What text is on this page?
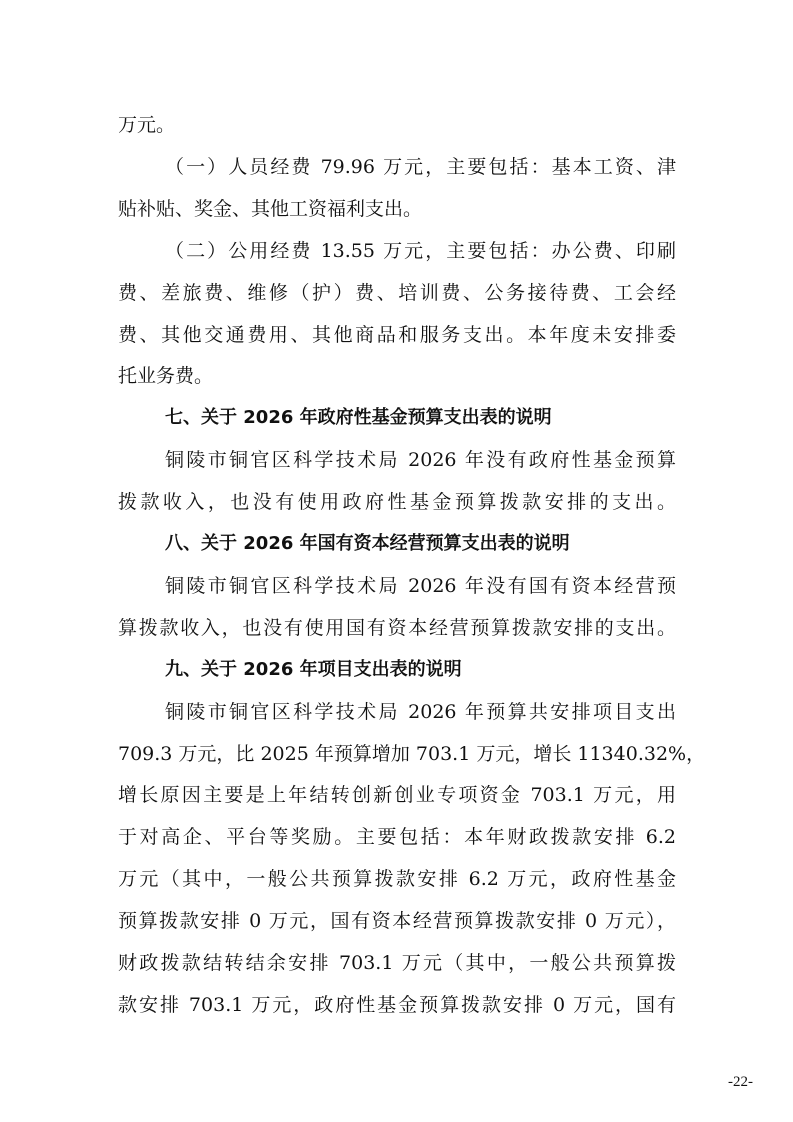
万元。
（一）人员经费 79.96 万元，主要包括：基本工资、津
贴补贴、奖金、其他工资福利支出。
（二）公用经费 13.55 万元，主要包括：办公费、印刷
费、差旅费、维修（护）费、培训费、公务接待费、工会经
费、其他交通费用、其他商品和服务支出。本年度未安排委
托业务费。
七、关于 2026 年政府性基金预算支出表的说明
铜陵市铜官区科学技术局 2026 年没有政府性基金预算
拨款收入，也没有使用政府性基金预算拨款安排的支出。
八、关于 2026 年国有资本经营预算支出表的说明
铜陵市铜官区科学技术局 2026 年没有国有资本经营预
算拨款收入，也没有使用国有资本经营预算拨款安排的支出。
九、关于 2026 年项目支出表的说明
铜陵市铜官区科学技术局 2026 年预算共安排项目支出
709.3 万元，比 2025 年预算增加 703.1 万元，增长 11340.32%，
增长原因主要是上年结转创新创业专项资金 703.1 万元，用
于对高企、平台等奖励。主要包括：本年财政拨款安排 6.2
万元（其中，一般公共预算拨款安排 6.2 万元，政府性基金
预算拨款安排 0 万元，国有资本经营预算拨款安排 0 万元），
财政拨款结转结余安排 703.1 万元（其中，一般公共预算拨
款安排 703.1 万元，政府性基金预算拨款安排 0 万元，国有
-22-
